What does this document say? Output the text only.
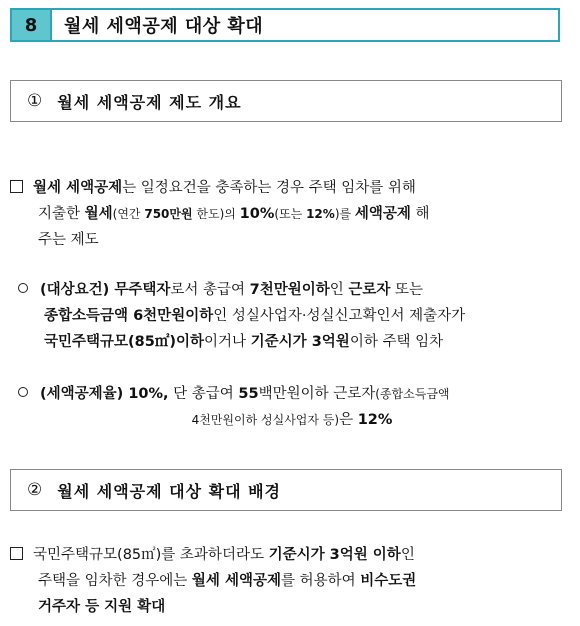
8	월세 세액공제 대상 확대
① 월세 세액공제 제도 개요
월세 세액공제는 일정요건을 충족하는 경우 주택 임차를 위해
지출한 월세(연간 750만원 한도)의 10%(또는 12%)를 세액공제 해
주는 제도
(대상요건) 무주택자로서 총급여 7천만원이하인 근로자 또는
종합소득금액 6천만원이하인 성실사업자·성실신고확인서 제출자가
국민주택규모(85㎡)이하이거나 기준시가 3억원이하 주택 임차
(세액공제율) 10%, 단 총급여 55백만원이하 근로자(종합소득금액
4천만원이하 성실사업자 등)은 12%
② 월세 세액공제 대상 확대 배경
국민주택규모(85㎡)를 초과하더라도 기준시가 3억원 이하인
주택을 임차한 경우에는 월세 세액공제를 허용하여 비수도권
거주자 등 지원 확대
